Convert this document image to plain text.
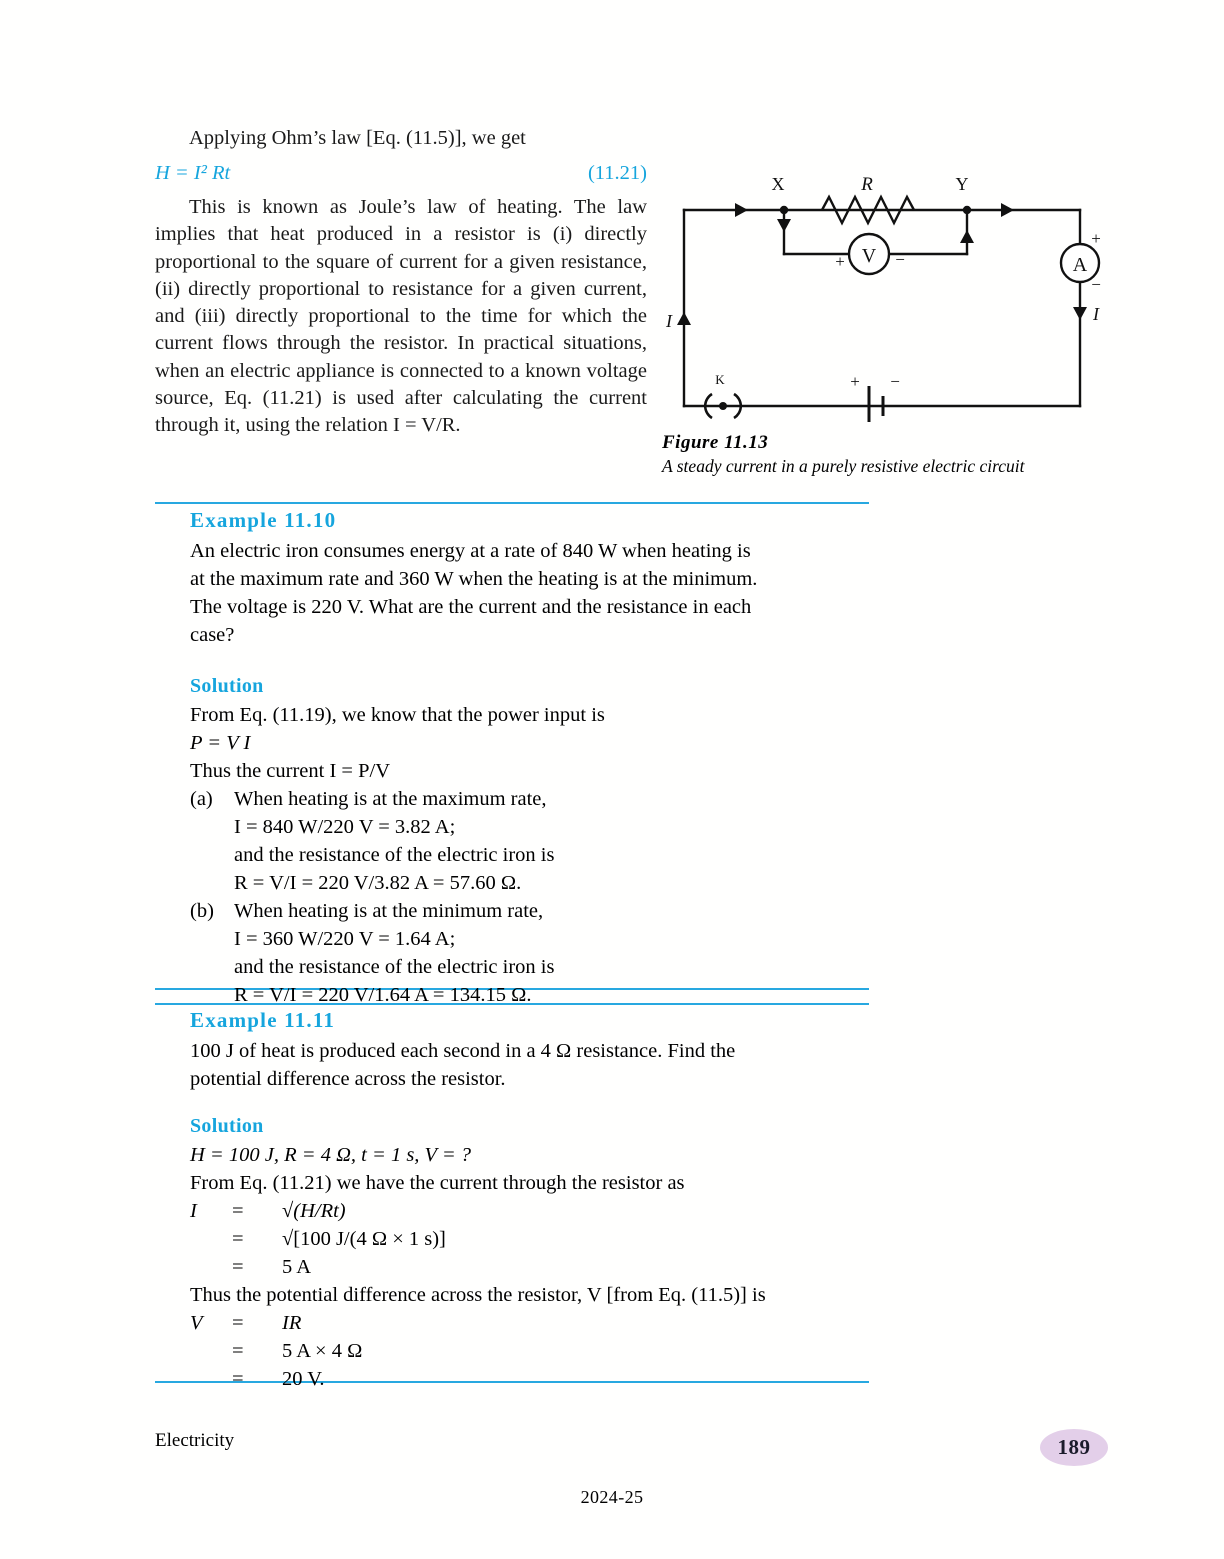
Applying Ohm’s law [Eq. (11.5)], we get
H = I² Rt	(11.21)
This is known as Joule’s law of heating. The law implies that heat produced in a resistor is (i) directly proportional to the square of current for a given resistance, (ii) directly proportional to resistance for a given current, and (iii) directly proportional to the time for which the current flows through the resistor. In practical situations, when an electric appliance is connected to a known voltage source, Eq. (11.21) is used after calculating the current through it, using the relation I = V/R.
R
X	Y
V
+	−	A
+
−
I
I
K	+ −
Figure 11.13
A steady current in a purely resistive electric circuit
Example 11.10
An electric iron consumes energy at a rate of 840 W when heating is
at the maximum rate and 360 W when the heating is at the minimum.
The voltage is 220 V. What are the current and the resistance in each
case?
Solution
From Eq. (11.19), we know that the power input is
P = V I
Thus the current I = P/V
(a)	When heating is at the maximum rate,
I = 840 W/220 V = 3.82 A;
and the resistance of the electric iron is
R = V/I = 220 V/3.82 A = 57.60 Ω.
(b) When heating is at the minimum rate,
I = 360 W/220 V = 1.64 A;
and the resistance of the electric iron is
R = V/I = 220 V/1.64 A = 134.15 Ω.
Example 11.11
100 J of heat is produced each second in a 4 Ω resistance. Find the
potential difference across the resistor.
Solution
H = 100 J, R = 4 Ω, t = 1 s, V = ?
From Eq. (11.21) we have the current through the resistor as
I	=	√(H/Rt)
=	√[100 J/(4 Ω × 1 s)]
=	5 A
Thus the potential difference across the resistor, V [from Eq. (11.5)] is
V	=	IR
=	5 A × 4 Ω
=	20 V.
Electricity	189
2024-25
